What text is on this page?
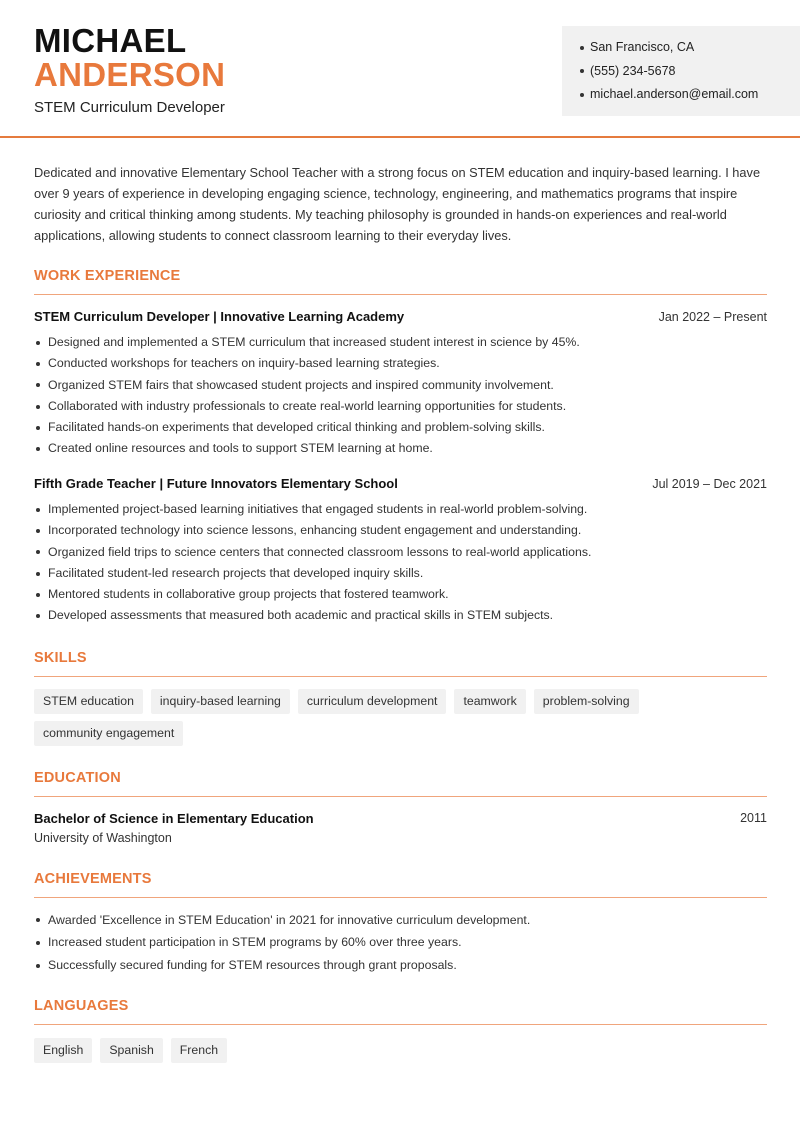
MICHAEL
ANDERSON
STEM Curriculum Developer
San Francisco, CA
(555) 234-5678
michael.anderson@email.com
Dedicated and innovative Elementary School Teacher with a strong focus on STEM education and inquiry-based learning. I have over 9 years of experience in developing engaging science, technology, engineering, and mathematics programs that inspire curiosity and critical thinking among students. My teaching philosophy is grounded in hands-on experiences and real-world applications, allowing students to connect classroom learning to their everyday lives.
WORK EXPERIENCE
STEM Curriculum Developer | Innovative Learning Academy	Jan 2022 – Present
Designed and implemented a STEM curriculum that increased student interest in science by 45%.
Conducted workshops for teachers on inquiry-based learning strategies.
Organized STEM fairs that showcased student projects and inspired community involvement.
Collaborated with industry professionals to create real-world learning opportunities for students.
Facilitated hands-on experiments that developed critical thinking and problem-solving skills.
Created online resources and tools to support STEM learning at home.
Fifth Grade Teacher | Future Innovators Elementary School	Jul 2019 – Dec 2021
Implemented project-based learning initiatives that engaged students in real-world problem-solving.
Incorporated technology into science lessons, enhancing student engagement and understanding.
Organized field trips to science centers that connected classroom lessons to real-world applications.
Facilitated student-led research projects that developed inquiry skills.
Mentored students in collaborative group projects that fostered teamwork.
Developed assessments that measured both academic and practical skills in STEM subjects.
SKILLS
STEM education	inquiry-based learning	curriculum development	teamwork	problem-solving
community engagement
EDUCATION
Bachelor of Science in Elementary Education	2011
University of Washington
ACHIEVEMENTS
Awarded 'Excellence in STEM Education' in 2021 for innovative curriculum development.
Increased student participation in STEM programs by 60% over three years.
Successfully secured funding for STEM resources through grant proposals.
LANGUAGES
English	Spanish	French
